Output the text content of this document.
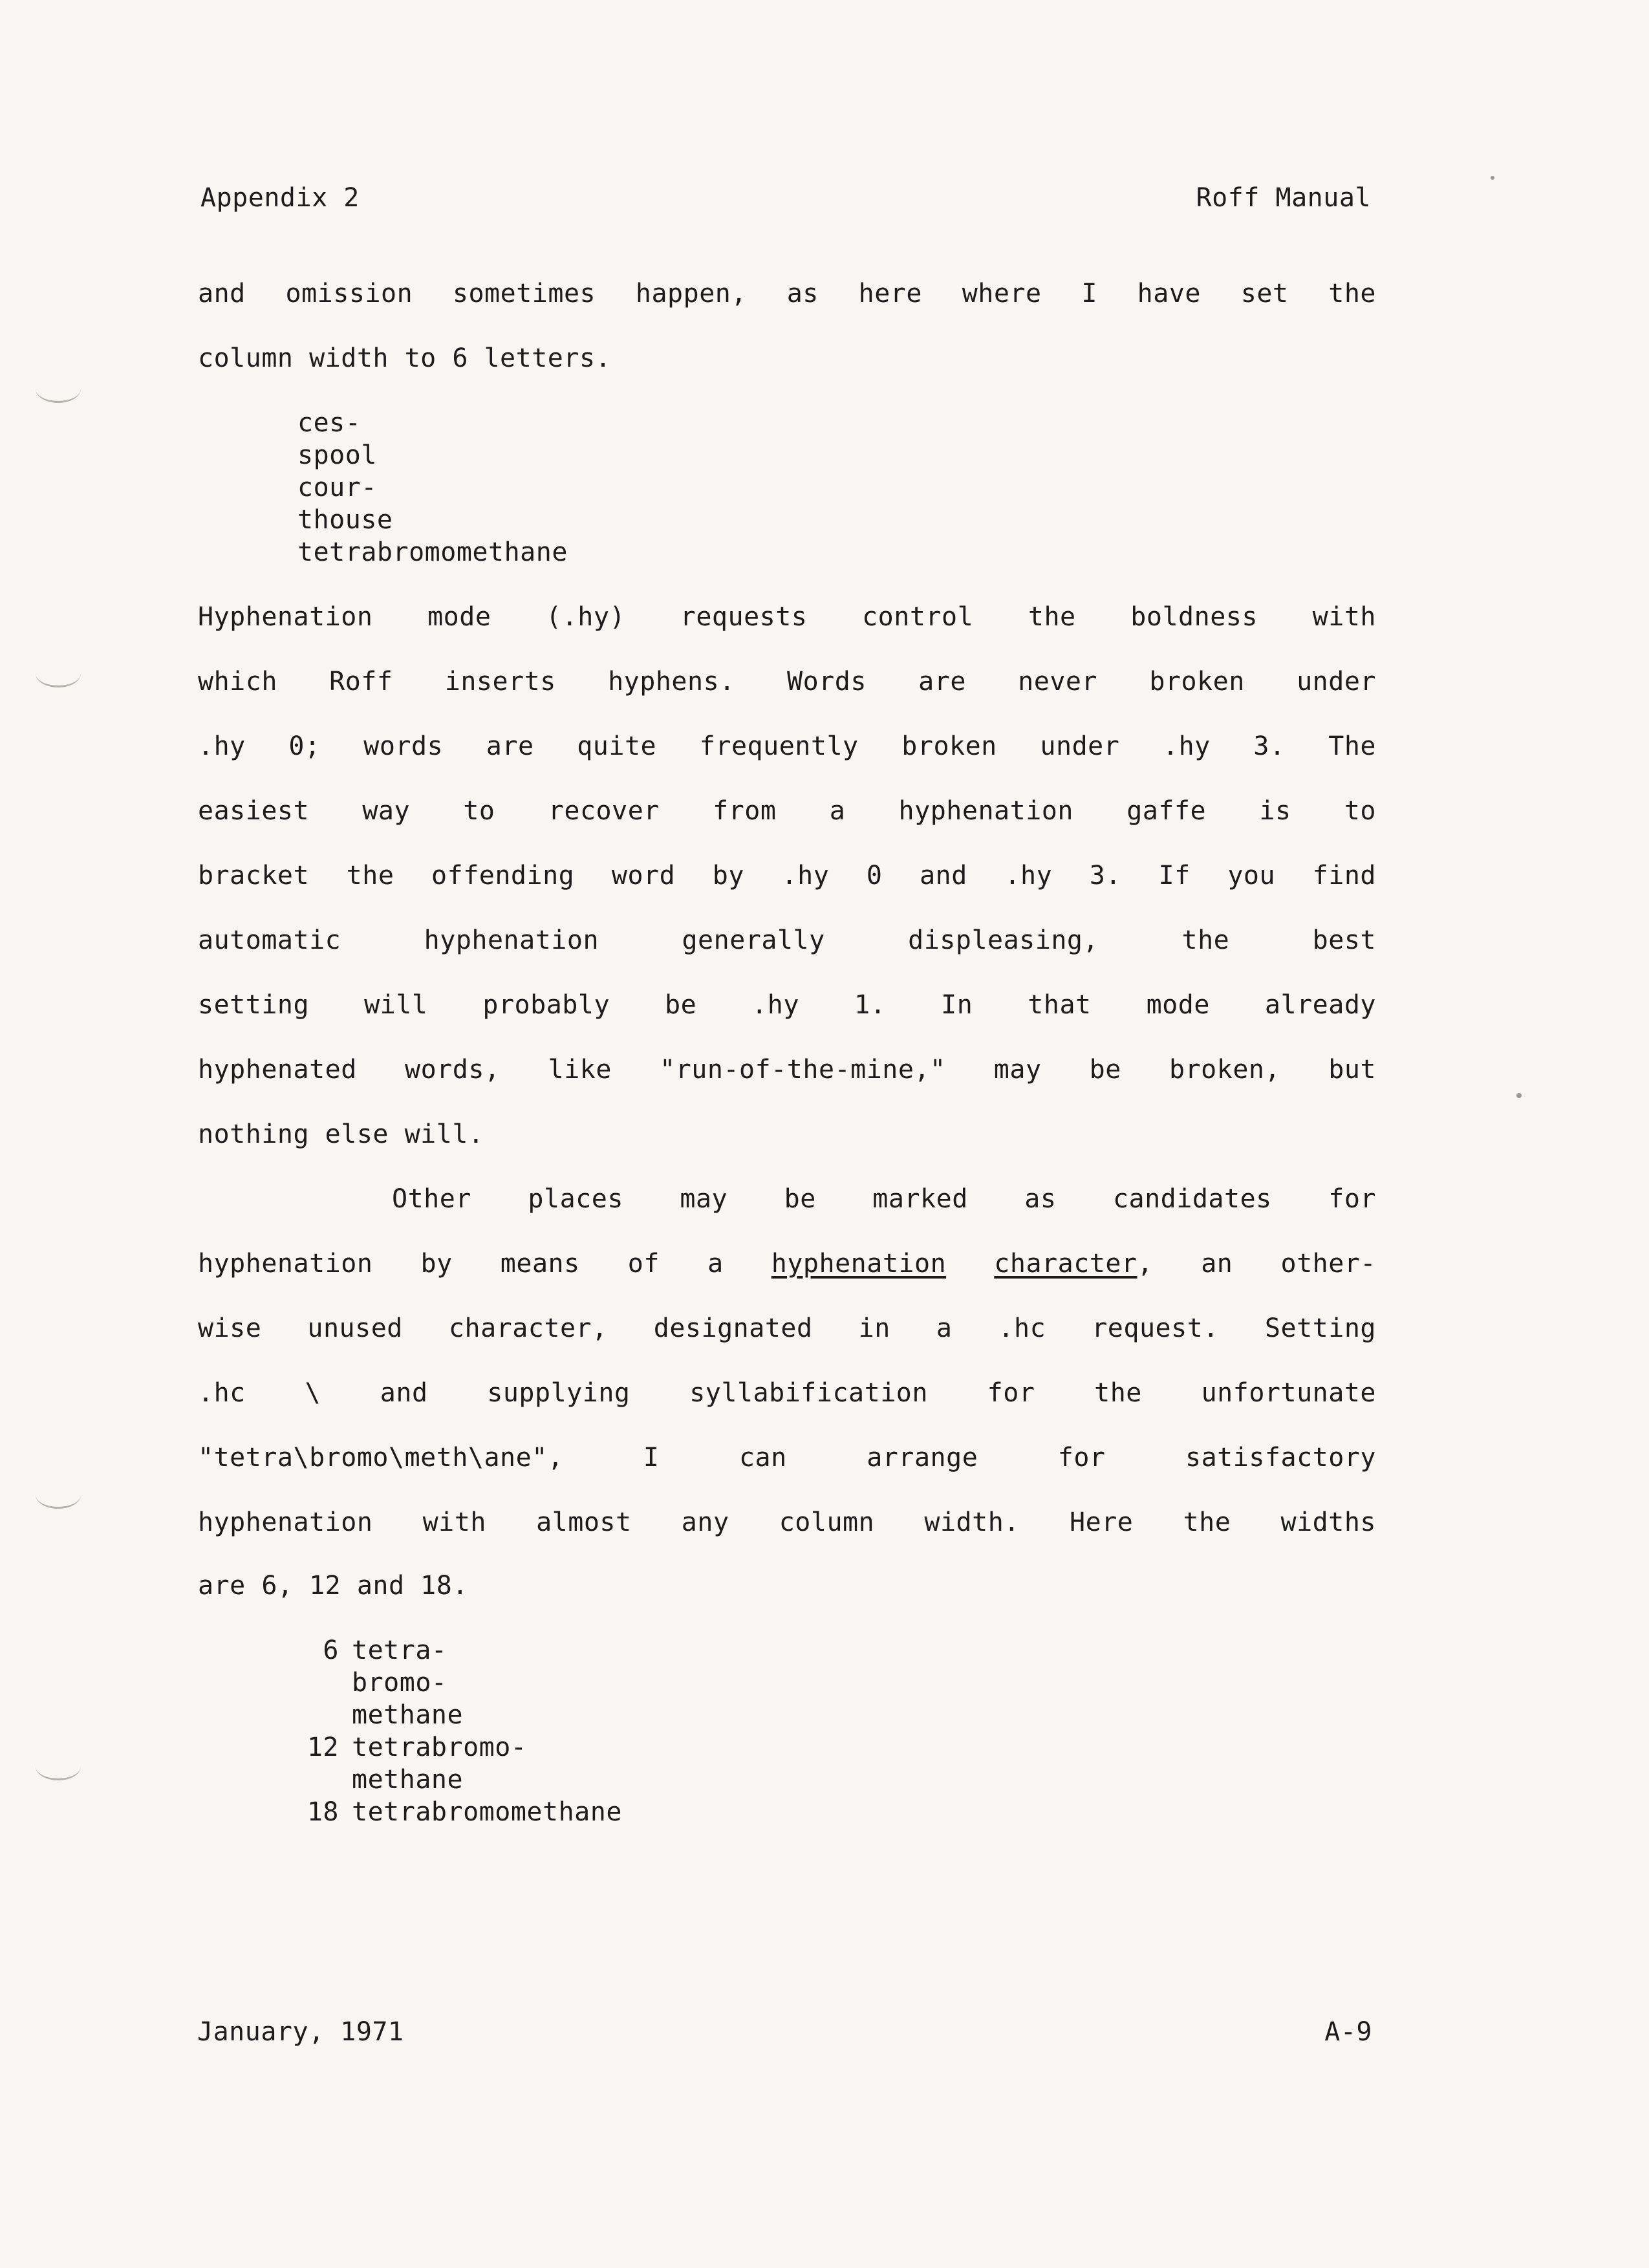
Appendix 2	Roff Manual
and omission sometimes happen, as here where I have set the
column width to 6 letters.
ces-
spool
cour-
thouse
tetrabromomethane
Hyphenation mode (.hy) requests control the boldness with
which Roff inserts hyphens. Words are never broken under
.hy 0; words are quite frequently broken under .hy 3. The
easiest way to recover from a hyphenation gaffe is to
bracket the offending word by .hy 0 and .hy 3. If you find
automatic hyphenation generally displeasing, the best
setting will probably be .hy 1. In that mode already
hyphenated words, like "run-of-the-mine," may be broken, but
nothing else will.
Other places may be marked as candidates for
hyphenation by means of a hyphenation character, an other-
wise unused character, designated in a .hc request. Setting
.hc \ and supplying syllabification for the unfortunate
"tetra\bromo\meth\ane", I can arrange for satisfactory
hyphenation with almost any column width. Here the widths
are 6, 12 and 18.
6 tetra-
bromo-
methane
12 tetrabromo-
methane
18 tetrabromomethane
January, 1971	A-9
